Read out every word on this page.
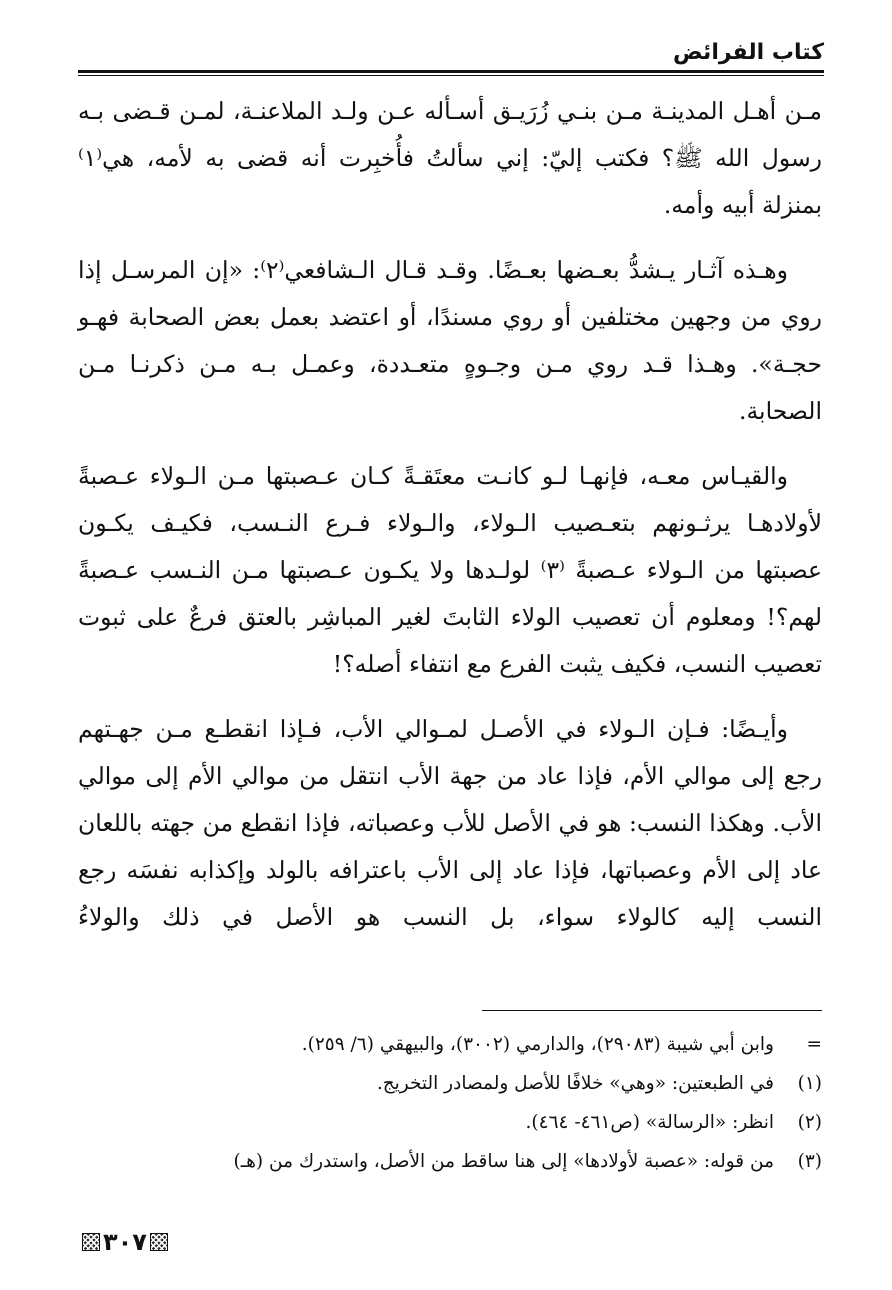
كتاب الفرائض

مـن أهـل المدينـة مـن بنـي زُرَيـق أسـأله عـن ولـد الملاعنـة، لمـن قـضى بـه رسول الله ﷺ؟ فكتب إليّ: إني سألتُ فأُخبِرت أنه قضى به لأمه، هي⁽١⁾ بمنزلة أبيه وأمه.

وهـذه آثـار يـشدُّ بعـضها بعـضًا. وقـد قـال الـشافعي⁽٢⁾: «إن المرسـل إذا روي من وجهين مختلفين أو روي مسندًا، أو اعتضد بعمل بعض الصحابة فهـو حجـة». وهـذا قـد روي مـن وجـوهٍ متعـددة، وعمـل بـه مـن ذكرنـا مـن الصحابة.

والقيـاس معـه، فإنهـا لـو كانـت معتَقـةً كـان عـصبتها مـن الـولاء عـصبةً لأولادهـا يرثـونهم بتعـصيب الـولاء، والـولاء فـرع النـسب، فكيـف يكـون عصبتها من الـولاء عـصبةً ⁽٣⁾ لولـدها ولا يكـون عـصبتها مـن النـسب عـصبةً لهم؟! ومعلوم أن تعصيب الولاء الثابتَ لغير المباشِر بالعتق فرعٌ على ثبوت تعصيب النسب، فكيف يثبت الفرع مع انتفاء أصله؟!

وأيـضًا: فـإن الـولاء في الأصـل لمـوالي الأب، فـإذا انقطـع مـن جهـتهم رجع إلى موالي الأم، فإذا عاد من جهة الأب انتقل من موالي الأم إلى موالي الأب. وهكذا النسب: هو في الأصل للأب وعصباته، فإذا انقطع من جهته باللعان عاد إلى الأم وعصباتها، فإذا عاد إلى الأب باعترافه بالولد وإكذابه نفسَه رجع النسب إليه كالولاء سواء، بل النسب هو الأصل في ذلك والولاءُ

=
وابن أبي شيبة (٢٩٠٨٣)، والدارمي (٣٠٠٢)، والبيهقي (٦/ ٢٥٩).
(١)
في الطبعتين: «وهي» خلافًا للأصل ولمصادر التخريج.
(٢)
انظر: «الرسالة» (ص٤٦١- ٤٦٤).
(٣)
من قوله: «عصبة لأولادها» إلى هنا ساقط من الأصل، واستدرك من (هـ)
٣٠٧
